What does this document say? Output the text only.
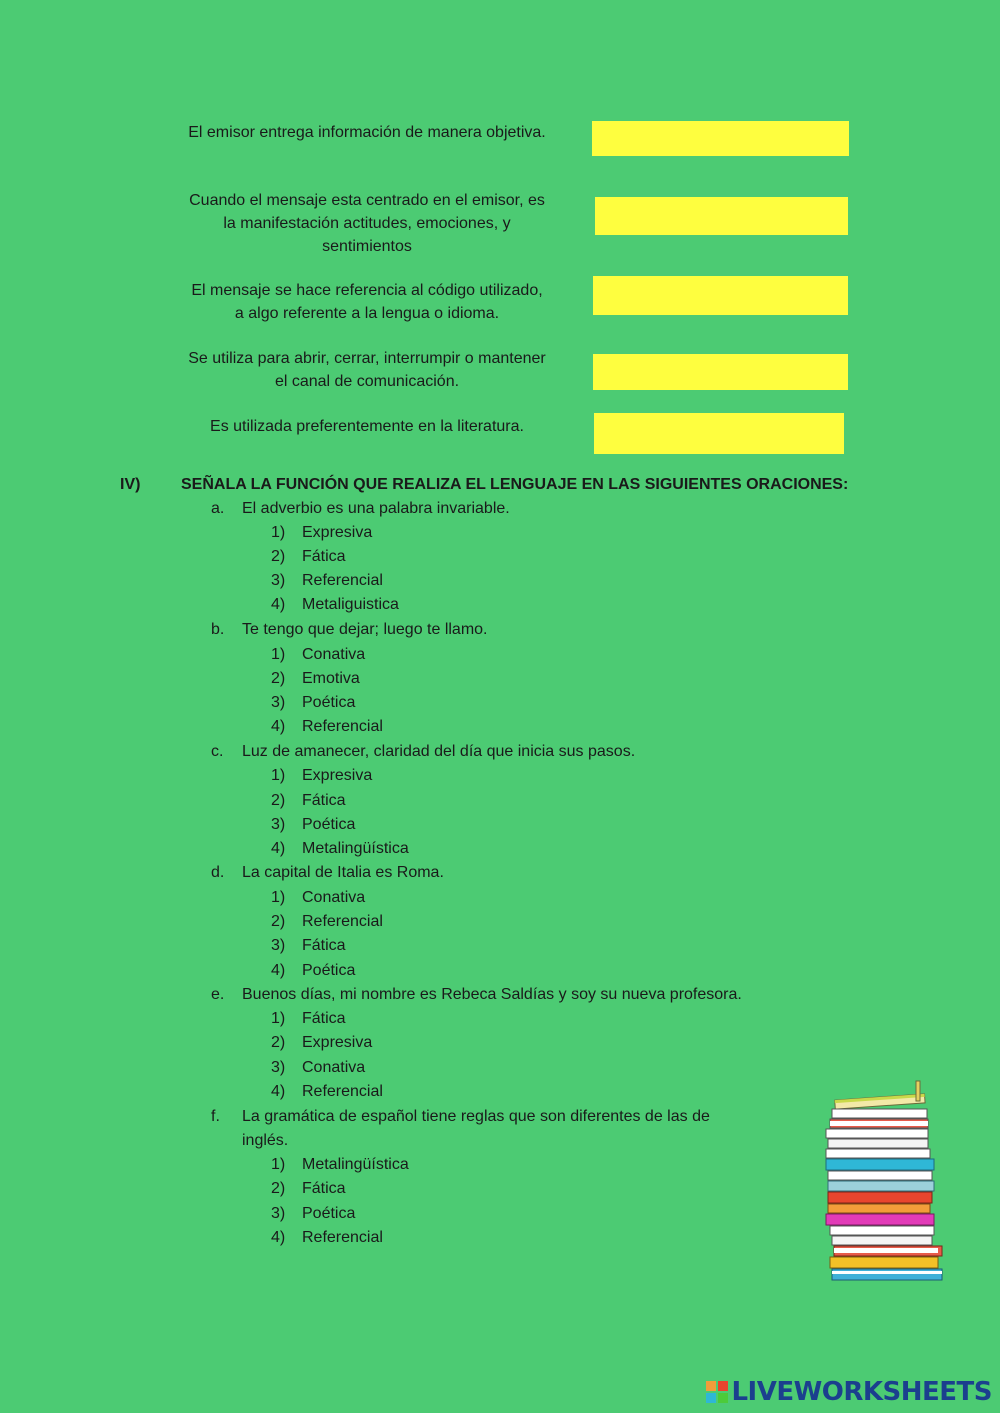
El emisor entrega información de manera objetiva.
Cuando el mensaje esta centrado en el emisor, es la manifestación actitudes, emociones, y sentimientos
El mensaje se hace referencia al código utilizado, a algo referente a la lengua o idioma.
Se utiliza para abrir, cerrar, interrumpir o mantener el canal de comunicación.
Es utilizada preferentemente en la literatura.
IV)	SEÑALA LA FUNCIÓN QUE REALIZA EL LENGUAJE EN LAS SIGUIENTES ORACIONES:
a. El adverbio es una palabra invariable.
1) Expresiva
2) Fática
3) Referencial
4) Metaliguistica
b. Te tengo que dejar; luego te llamo.
1) Conativa
2) Emotiva
3) Poética
4) Referencial
c. Luz de amanecer, claridad del día que inicia sus pasos.
1) Expresiva
2) Fática
3) Poética
4) Metalingüística
d. La capital de Italia es Roma.
1) Conativa
2) Referencial
3) Fática
4) Poética
e. Buenos días, mi nombre es Rebeca Saldías y soy su nueva profesora.
1) Fática
2) Expresiva
3) Conativa
4) Referencial
f. La gramática de español tiene reglas que son diferentes de las de inglés.
1) Metalingüística
2) Fática
3) Poética
4) Referencial
LIVEWORKSHEETS
